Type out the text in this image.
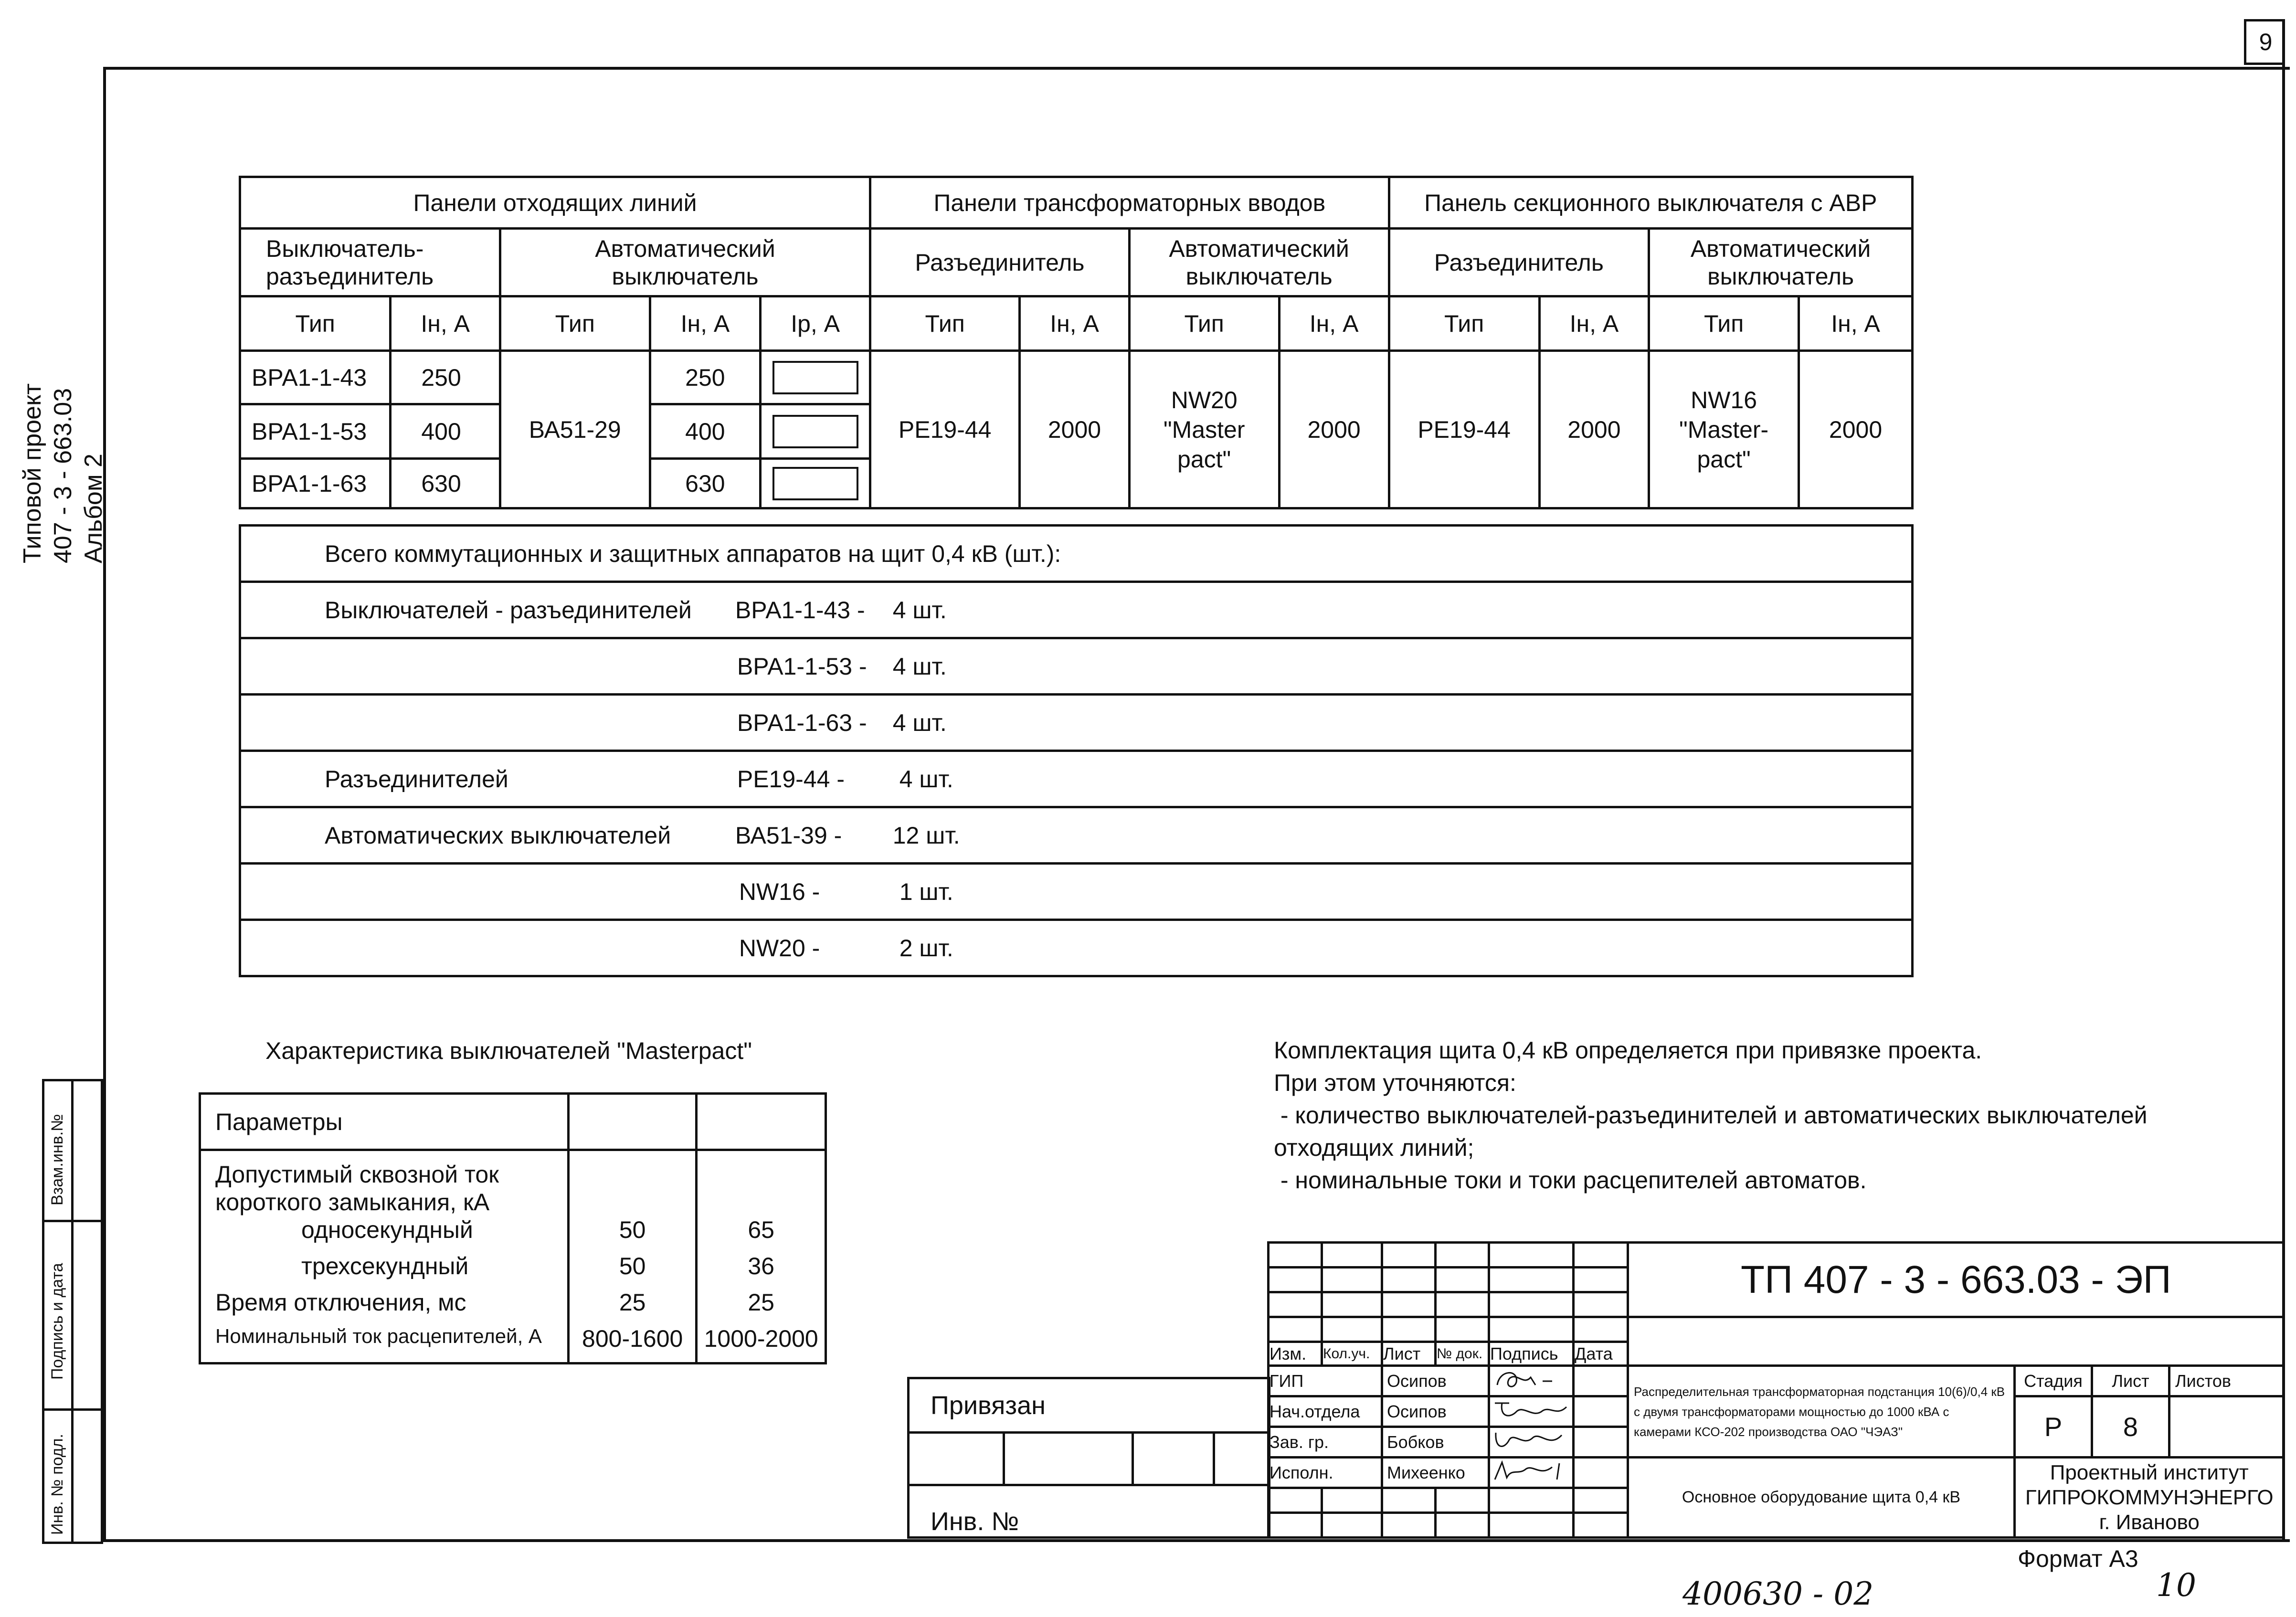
9
Типовой проект 407 - 3 - 663.03 Альбом 2
Взам.инв.№
Подпись и дата
Инв. № подл.
Панели отходящих линий					Панели трансформаторных вводов				Панель секционного выключателя с АВР			
Выключатель- разъединитель		Автоматический выключатель			Разъединитель		Автоматический выключатель		Разъединитель		Автоматический выключатель	
Тип	Iн, А	Тип	Iн, А	Iр, А	Тип	Iн, А	Тип	Iн, А	Тип	Iн, А	Тип	Iн, А
ВРА1-1-43	250	ВА51-29	250		РЕ19-44	2000	NW20 "Master pact"	2000	РЕ19-44	2000	NW16 "Master- pact"	2000
ВРА1-1-53	400		400									
ВРА1-1-63	630		630									
	Всего коммутационных и защитных аппаратов на щит 0,4 кВ (шт.):		
	Выключателей - разъединителей	ВРА1-1-43 -	4 шт.
		ВРА1-1-53 -	4 шт.
		ВРА1-1-63 -	4 шт.
	Разъединителей	РЕ19-44 -	4 шт.
	Автоматических выключателей	ВА51-39 -	12 шт.
		NW16 -	1 шт.
		NW20 -	2 шт.
Характеристика выключателей "Masterpact"
Параметры		
Допустимый сквозной ток короткого замыкания, кА		
односекундный	50	65
трехсекундный	50	36
Время отключения, мс	25	25
Номинальный ток расцепителей, А	800-1600	1000-2000
Комплектация щита 0,4 кВ определяется при привязке проекта.
При этом уточняются:
- количество выключателей-разъединителей и автоматических выключателей
отходящих линий;
- номинальные токи и токи расцепителей автоматов.
						ТП 407 - 3 - 663.03 - ЭП			

Изм.	Кол.уч.	Лист	№ док.	Подпись	Дата				
ГИП		Осипов				Распределительная трансформаторная подстанция 10(6)/0,4 кВ с двумя трансформаторами мощностью до 1000 кВА с камерами КСО-202 производства ОАО "ЧЭАЗ"	Стадия	Лист	Листов
Нач.отдела		Осипов					Р	8	
Зав. гр.		Бобков		
Исполн.		Михеенко				Основное оборудование щита 0,4 кВ	Проектный институт
ГИПРОКОММУНЭНЕРГО
г. Иваново		

Привязан

Инв. №
Формат А3
400630 - 02	10
